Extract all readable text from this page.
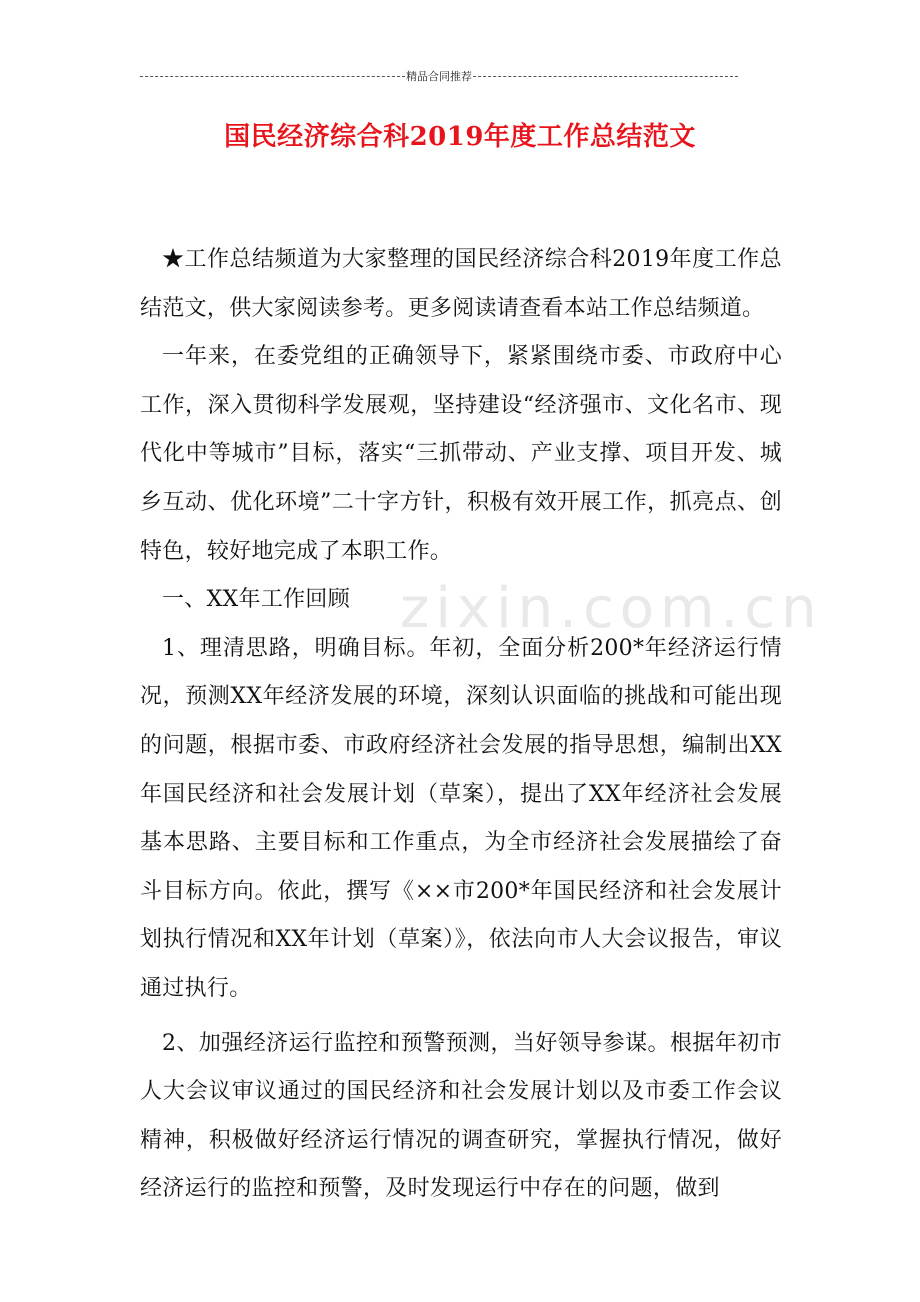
精品合同推荐
国民经济综合科2019年度工作总结范文
zixin.com.cn

★工作总结频道为大家整理的国民经济综合科2019年度工作总结范文，供大家阅读参考。更多阅读请查看本站工作总结频道。

一年来，在委党组的正确领导下，紧紧围绕市委、市政府中心工作，深入贯彻科学发展观，坚持建设“经济强市、文化名市、现代化中等城市”目标，落实“三抓带动、产业支撑、项目开发、城乡互动、优化环境”二十字方针，积极有效开展工作，抓亮点、创特色，较好地完成了本职工作。

一、XX年工作回顾

1、理清思路，明确目标。年初，全面分析200*年经济运行情况，预测XX年经济发展的环境，深刻认识面临的挑战和可能出现的问题，根据市委、市政府经济社会发展的指导思想，编制出XX年国民经济和社会发展计划（草案），提出了XX年经济社会发展基本思路、主要目标和工作重点，为全市经济社会发展描绘了奋斗目标方向。依此，撰写《××市200*年国民经济和社会发展计划执行情况和XX年计划（草案）》，依法向市人大会议报告，审议通过执行。

2、加强经济运行监控和预警预测，当好领导参谋。根据年初市人大会议审议通过的国民经济和社会发展计划以及市委工作会议精神，积极做好经济运行情况的调查研究，掌握执行情况，做好经济运行的监控和预警，及时发现运行中存在的问题，做到
